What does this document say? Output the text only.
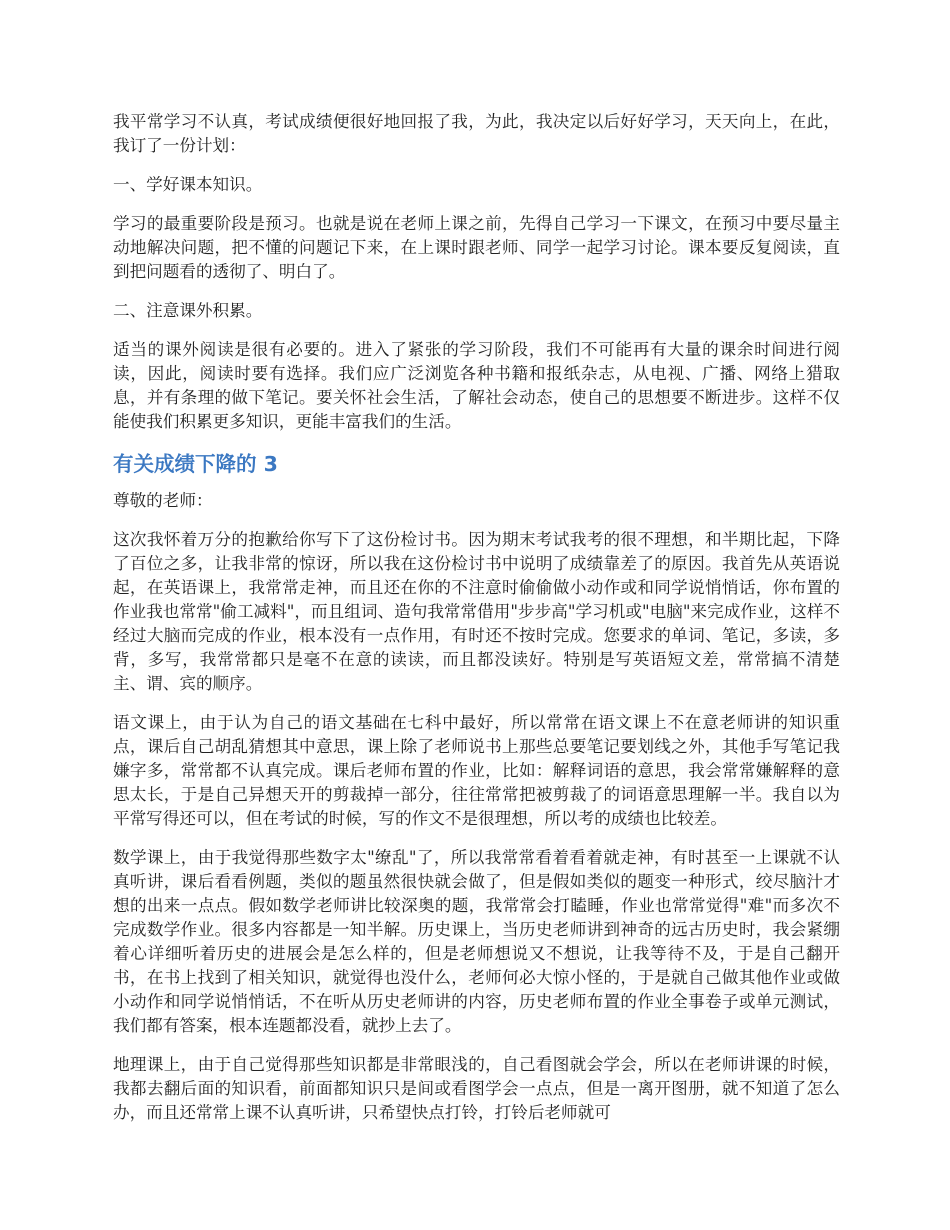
我平常学习不认真，考试成绩便很好地回报了我，为此，我决定以后好好学习，天天向上，在此，我订了一份计划：

一、学好课本知识。

学习的最重要阶段是预习。也就是说在老师上课之前，先得自己学习一下课文，在预习中要尽量主动地解决问题，把不懂的问题记下来，在上课时跟老师、同学一起学习讨论。课本要反复阅读，直到把问题看的透彻了、明白了。

二、注意课外积累。

适当的课外阅读是很有必要的。进入了紧张的学习阶段，我们不可能再有大量的课余时间进行阅读，因此，阅读时要有选择。我们应广泛浏览各种书籍和报纸杂志，从电视、广播、网络上猎取息，并有条理的做下笔记。要关怀社会生活，了解社会动态，使自己的思想要不断进步。这样不仅能使我们积累更多知识，更能丰富我们的生活。

有关成绩下降的 3

尊敬的老师：

这次我怀着万分的抱歉给你写下了这份检讨书。因为期末考试我考的很不理想，和半期比起，下降了百位之多，让我非常的惊讶，所以我在这份检讨书中说明了成绩靠差了的原因。我首先从英语说起，在英语课上，我常常走神，而且还在你的不注意时偷偷做小动作或和同学说悄悄话，你布置的作业我也常常"偷工减料"，而且组词、造句我常常借用"步步高"学习机或"电脑"来完成作业，这样不经过大脑而完成的作业，根本没有一点作用，有时还不按时完成。您要求的单词、笔记，多读，多背，多写，我常常都只是毫不在意的读读，而且都没读好。特别是写英语短文差，常常搞不清楚主、谓、宾的顺序。

语文课上，由于认为自己的语文基础在七科中最好，所以常常在语文课上不在意老师讲的知识重点，课后自己胡乱猜想其中意思，课上除了老师说书上那些总要笔记要划线之外，其他手写笔记我嫌字多，常常都不认真完成。课后老师布置的作业，比如：解释词语的意思，我会常常嫌解释的意思太长，于是自己异想天开的剪裁掉一部分，往往常常把被剪裁了的词语意思理解一半。我自以为平常写得还可以，但在考试的时候，写的作文不是很理想，所以考的成绩也比较差。

数学课上，由于我觉得那些数字太"缭乱"了，所以我常常看着看着就走神，有时甚至一上课就不认真听讲，课后看看例题，类似的题虽然很快就会做了，但是假如类似的题变一种形式，绞尽脑汁才想的出来一点点。假如数学老师讲比较深奥的题，我常常会打瞌睡，作业也常常觉得"难"而多次不完成数学作业。很多内容都是一知半解。历史课上，当历史老师讲到神奇的远古历史时，我会紧绷着心详细听着历史的进展会是怎么样的，但是老师想说又不想说，让我等待不及，于是自己翻开书，在书上找到了相关知识，就觉得也没什么，老师何必大惊小怪的，于是就自己做其他作业或做小动作和同学说悄悄话，不在听从历史老师讲的内容，历史老师布置的作业全事卷子或单元测试，我们都有答案，根本连题都没看，就抄上去了。

地理课上，由于自己觉得那些知识都是非常眼浅的，自己看图就会学会，所以在老师讲课的时候，我都去翻后面的知识看，前面都知识只是间或看图学会一点点，但是一离开图册，就不知道了怎么办，而且还常常上课不认真听讲，只希望快点打铃，打铃后老师就可
